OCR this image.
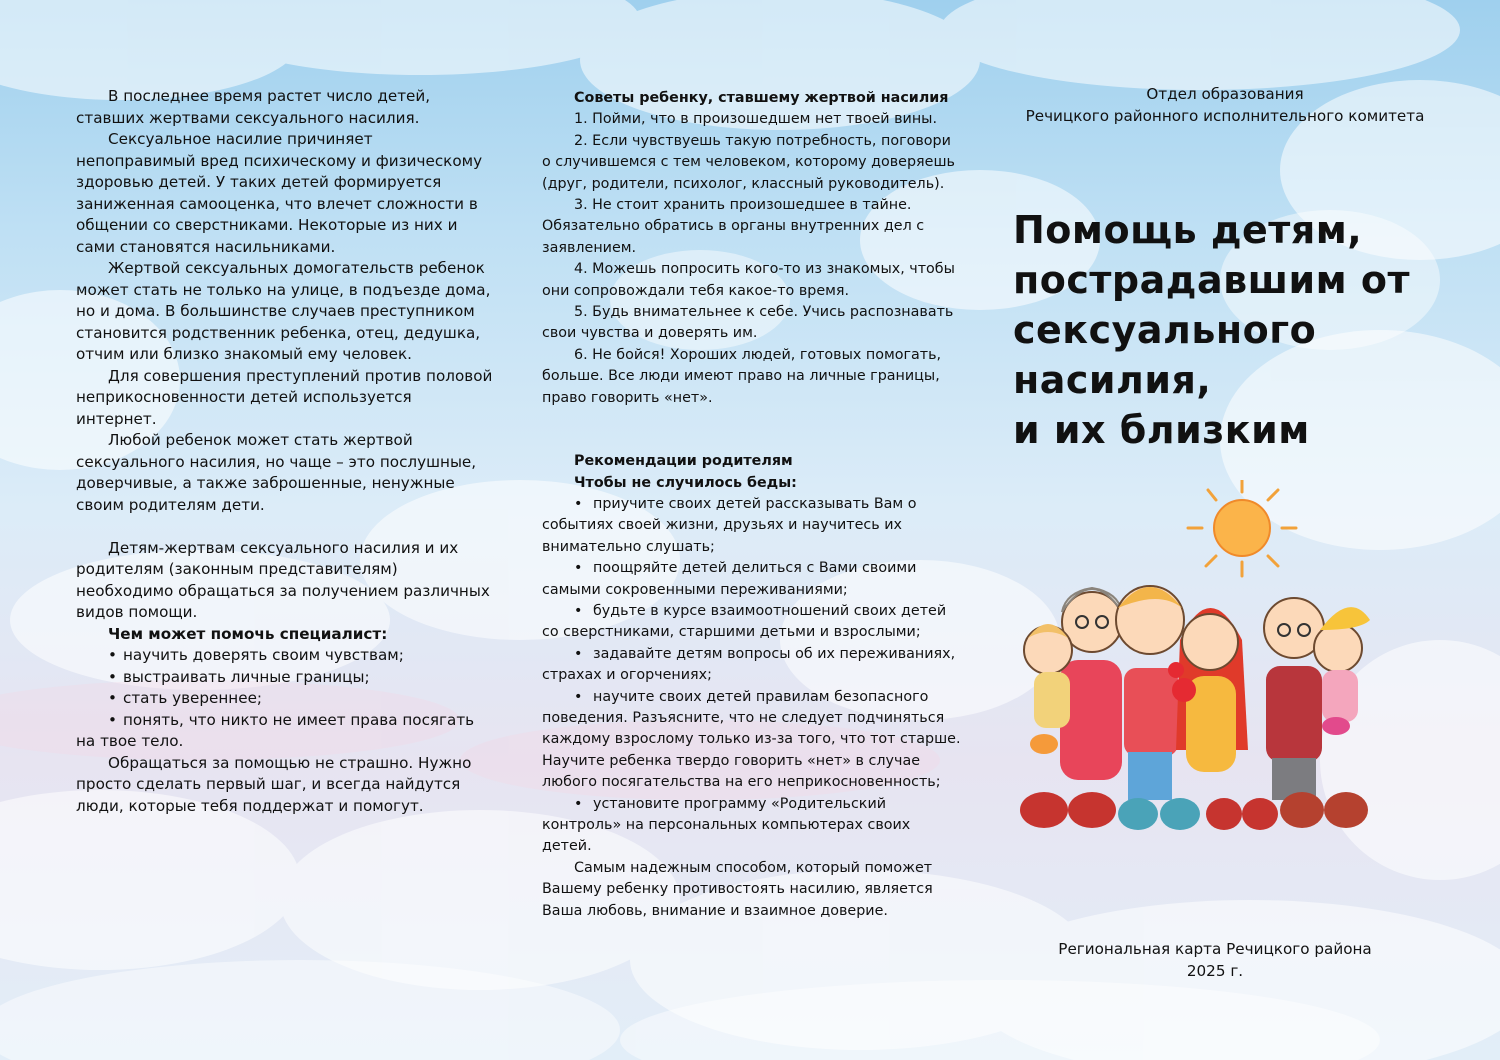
В последнее время растет число детей, ставших жертвами сексуального насилия.

Сексуальное насилие причиняет непоправимый вред психическому и физическому здоровью детей. У таких детей формируется заниженная самооценка, что влечет сложности в общении со сверстниками. Некоторые из них и сами становятся насильниками.

Жертвой сексуальных домогательств ребенок может стать не только на улице, в подъезде дома, но и дома. В большинстве случаев преступником становится родственник ребенка, отец, дедушка, отчим или близко знакомый ему человек.

Для совершения преступлений против половой неприкосновенности детей используется интернет.

Любой ребенок может стать жертвой сексуального насилия, но чаще – это послушные, доверчивые, а также заброшенные, ненужные своим родителям дети.

Детям-жертвам сексуального насилия и их родителям (законным представителям) необходимо обращаться за получением различных видов помощи.

Чем может помочь специалист:

• научить доверять своим чувствам;
• выстраивать личные границы;
• стать увереннее;
• понять, что никто не имеет права посягать на твое тело.

Обращаться за помощью не страшно. Нужно просто сделать первый шаг, и всегда найдутся люди, которые тебя поддержат и помогут.

Советы ребенку, ставшему жертвой насилия

1. Пойми, что в произошедшем нет твоей вины.
2. Если чувствуешь такую потребность, поговори о случившемся с тем человеком, которому доверяешь (друг, родители, психолог, классный руководитель).
3. Не стоит хранить произошедшее в тайне. Обязательно обратись в органы внутренних дел с заявлением.
4. Можешь попросить кого-то из знакомых, чтобы они сопровождали тебя какое-то время.
5. Будь внимательнее к себе. Учись распознавать свои чувства и доверять им.
6. Не бойся! Хороших людей, готовых помогать, больше. Все люди имеют право на личные границы, право говорить «нет».

Рекомендации родителям

Чтобы не случилось беды:

• приучите своих детей рассказывать Вам о событиях своей жизни, друзьях и научитесь их внимательно слушать;
• поощряйте детей делиться с Вами своими самыми сокровенными переживаниями;
• будьте в курсе взаимоотношений своих детей со сверстниками, старшими детьми и взрослыми;
• задавайте детям вопросы об их переживаниях, страхах и огорчениях;
• научите своих детей правилам безопасного поведения. Разъясните, что не следует подчиняться каждому взрослому только из-за того, что тот старше. Научите ребенка твердо говорить «нет» в случае любого посягательства на его неприкосновенность;
• установите программу «Родительский контроль» на персональных компьютерах своих детей.

Самым надежным способом, который поможет Вашему ребенку противостоять насилию, является Ваша любовь, внимание и взаимное доверие.

Отдел образования
Речицкого районного исполнительного комитета
Помощь детям,
пострадавшим от
сексуального
насилия,
и их близким
Региональная карта Речицкого района
2025 г.
